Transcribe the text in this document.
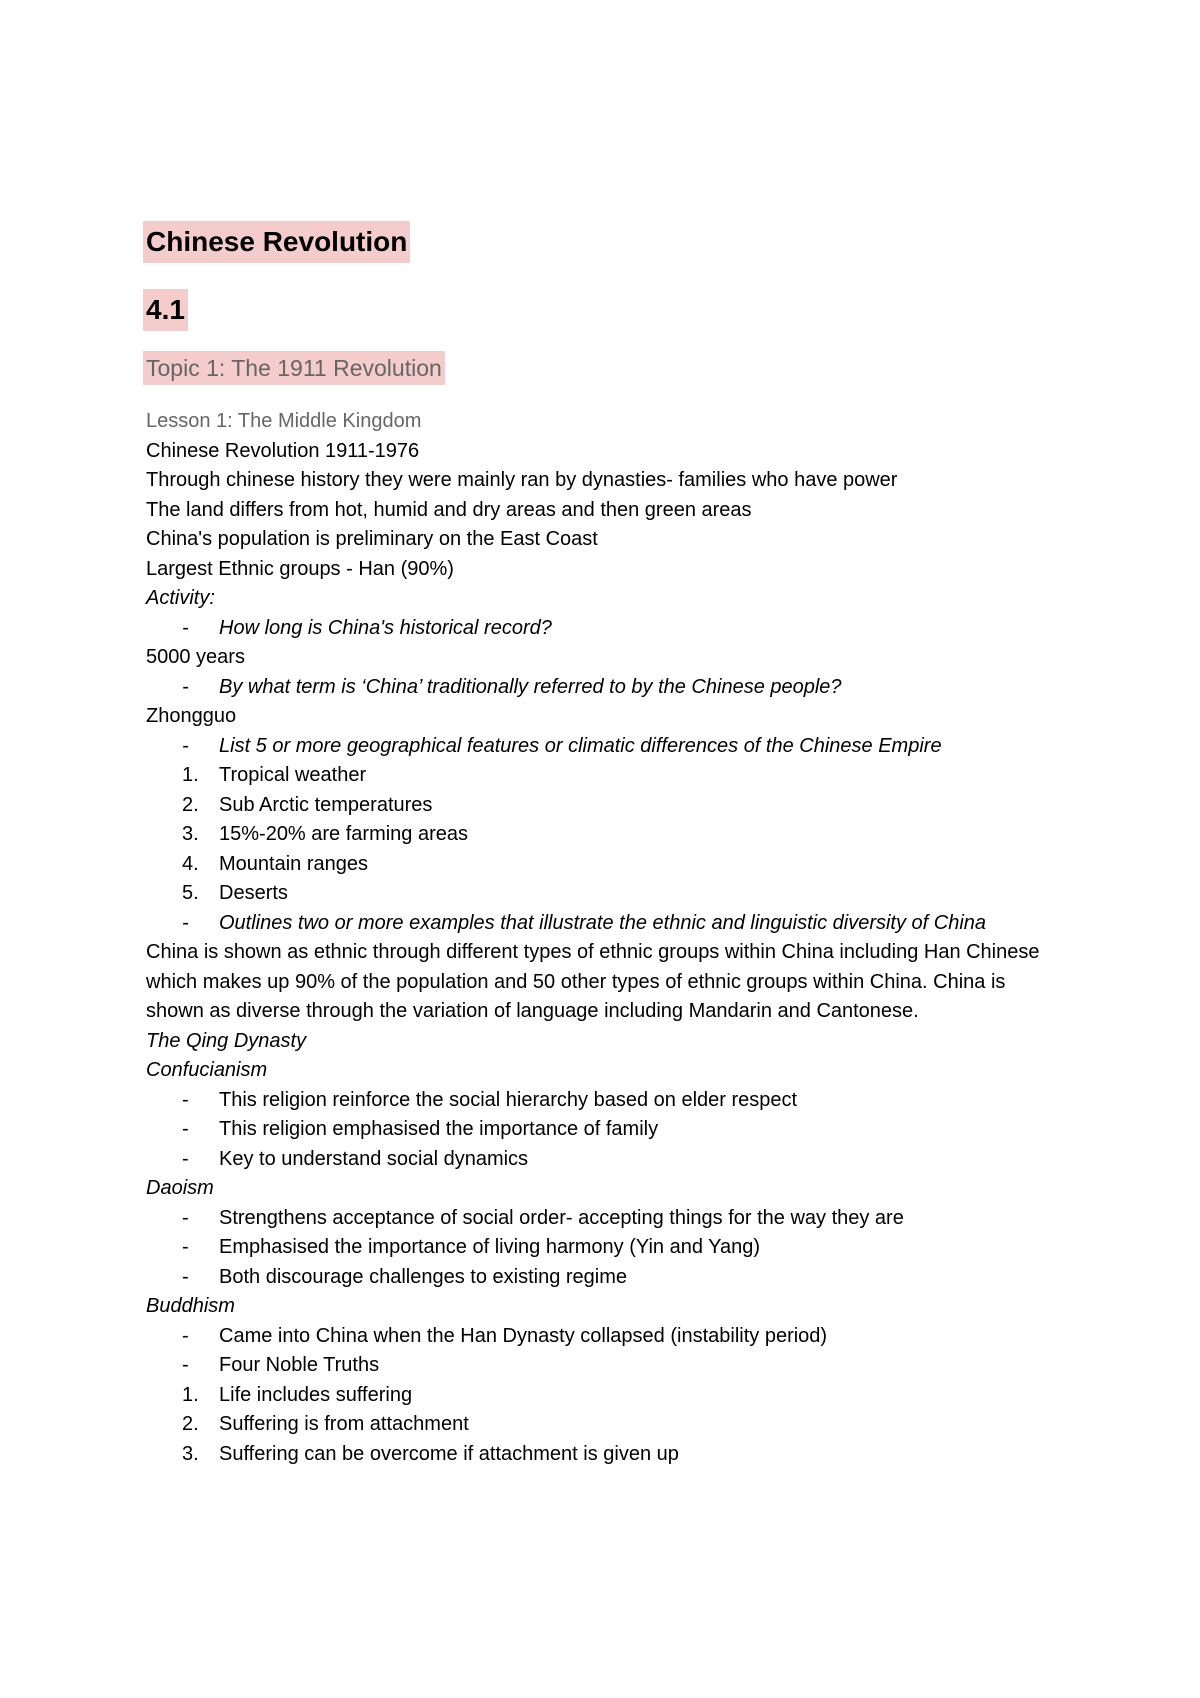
Chinese Revolution
4.1
Topic 1: The 1911 Revolution
Lesson 1: The Middle Kingdom

Chinese Revolution 1911-1976

Through chinese history they were mainly ran by dynasties- families who have power

The land differs from hot, humid and dry areas and then green areas

China's population is preliminary on the East Coast

Largest Ethnic groups - Han (90%)

Activity:

-	How long is China's historical record?

5000 years

-	By what term is ‘China’ traditionally referred to by the Chinese people?

Zhongguo

-	List 5 or more geographical features or climatic differences of the Chinese Empire
1.	Tropical weather
2.	Sub Arctic temperatures
3.	15%-20% are farming areas
4.	Mountain ranges
5.	Deserts
-	Outlines two or more examples that illustrate the ethnic and linguistic diversity of China

China is shown as ethnic through different types of ethnic groups within China including Han Chinese which makes up 90% of the population and 50 other types of ethnic groups within China. China is shown as diverse through the variation of language including Mandarin and Cantonese.

The Qing Dynasty

Confucianism

-	This religion reinforce the social hierarchy based on elder respect
-	This religion emphasised the importance of family
-	Key to understand social dynamics

Daoism

-	Strengthens acceptance of social order- accepting things for the way they are
-	Emphasised the importance of living harmony (Yin and Yang)
-	Both discourage challenges to existing regime

Buddhism

-	Came into China when the Han Dynasty collapsed (instability period)
-	Four Noble Truths
1.	Life includes suffering
2.	Suffering is from attachment
3.	Suffering can be overcome if attachment is given up
